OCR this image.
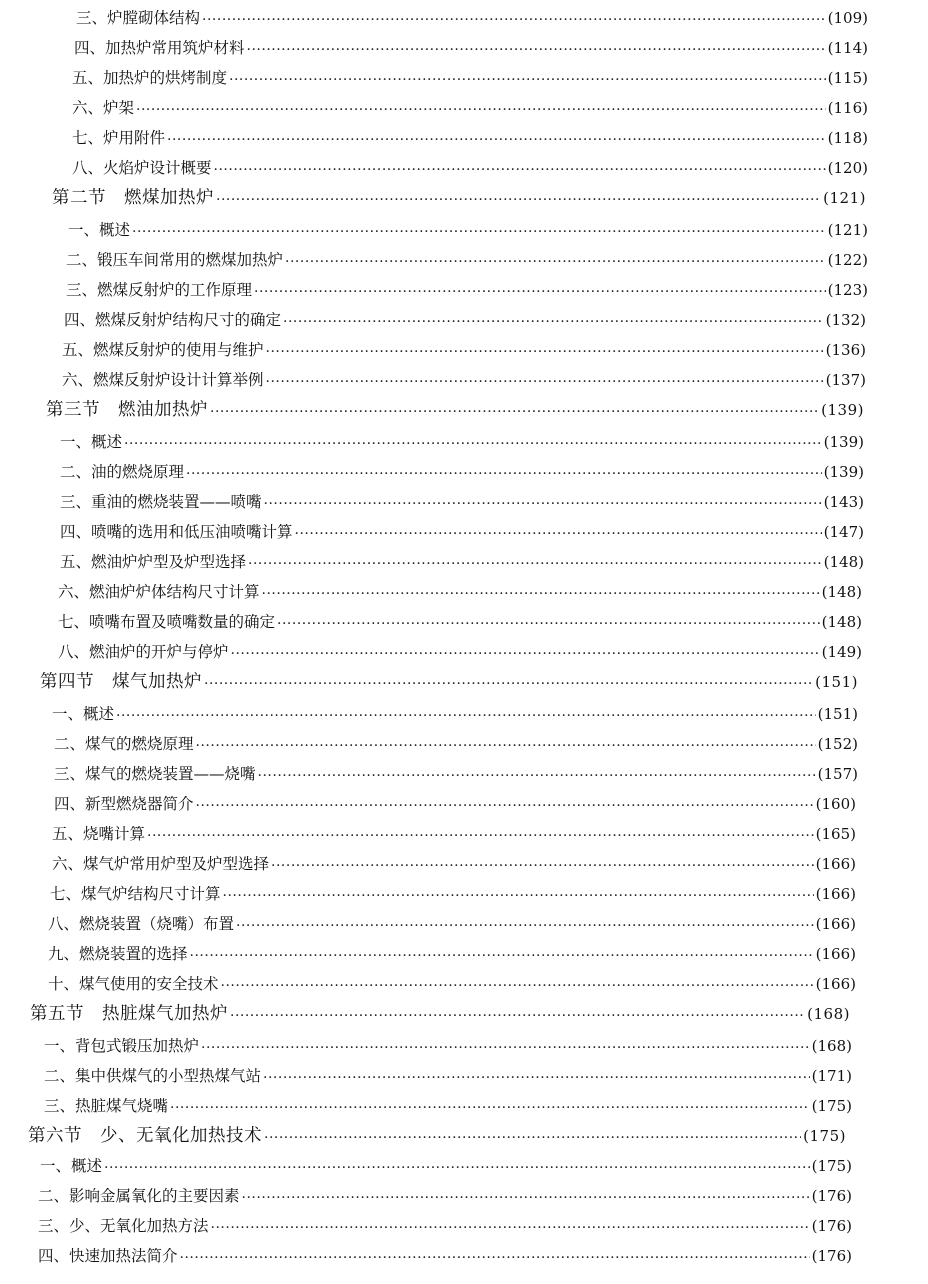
三、炉膛砌体结构 ·····	(109)
四、加热炉常用筑炉材料 ·····	(114)
五、加热炉的烘烤制度 ·····	(115)
六、炉架 ·····	(116)
七、炉用附件 ·····	(118)
八、火焰炉设计概要 ·····	(120)
第二节　燃煤加热炉 ·····	(121)
一、概述 ·····	(121)
二、锻压车间常用的燃煤加热炉 ·····	(122)
三、燃煤反射炉的工作原理 ·····	(123)
四、燃煤反射炉结构尺寸的确定 ·····	(132)
五、燃煤反射炉的使用与维护 ·····	(136)
六、燃煤反射炉设计计算举例 ·····	(137)
第三节　燃油加热炉 ·····	(139)
一、概述 ·····	(139)
二、油的燃烧原理 ·····	(139)
三、重油的燃烧装置——喷嘴 ·····	(143)
四、喷嘴的选用和低压油喷嘴计算 ·····	(147)
五、燃油炉炉型及炉型选择 ·····	(148)
六、燃油炉炉体结构尺寸计算 ·····	(148)
七、喷嘴布置及喷嘴数量的确定 ·····	(148)
八、燃油炉的开炉与停炉 ·····	(149)
第四节　煤气加热炉 ·····	(151)
一、概述 ·····	(151)
二、煤气的燃烧原理 ·····	(152)
三、煤气的燃烧装置——烧嘴 ·····	(157)
四、新型燃烧器简介 ·····	(160)
五、烧嘴计算 ·····	(165)
六、煤气炉常用炉型及炉型选择 ·····	(166)
七、煤气炉结构尺寸计算 ·····	(166)
八、燃烧装置（烧嘴）布置 ·····	(166)
九、燃烧装置的选择 ·····	(166)
十、煤气使用的安全技术 ·····	(166)
第五节　热脏煤气加热炉 ·····	(168)
一、背包式锻压加热炉 ·····	(168)
二、集中供煤气的小型热煤气站 ·····	(171)
三、热脏煤气烧嘴 ·····	(175)
第六节　少、无氧化加热技术 ·····	(175)
一、概述 ·····	(175)
二、影响金属氧化的主要因素 ·····	(176)
三、少、无氧化加热方法 ·····	(176)
四、快速加热法简介 ·····	(176)
